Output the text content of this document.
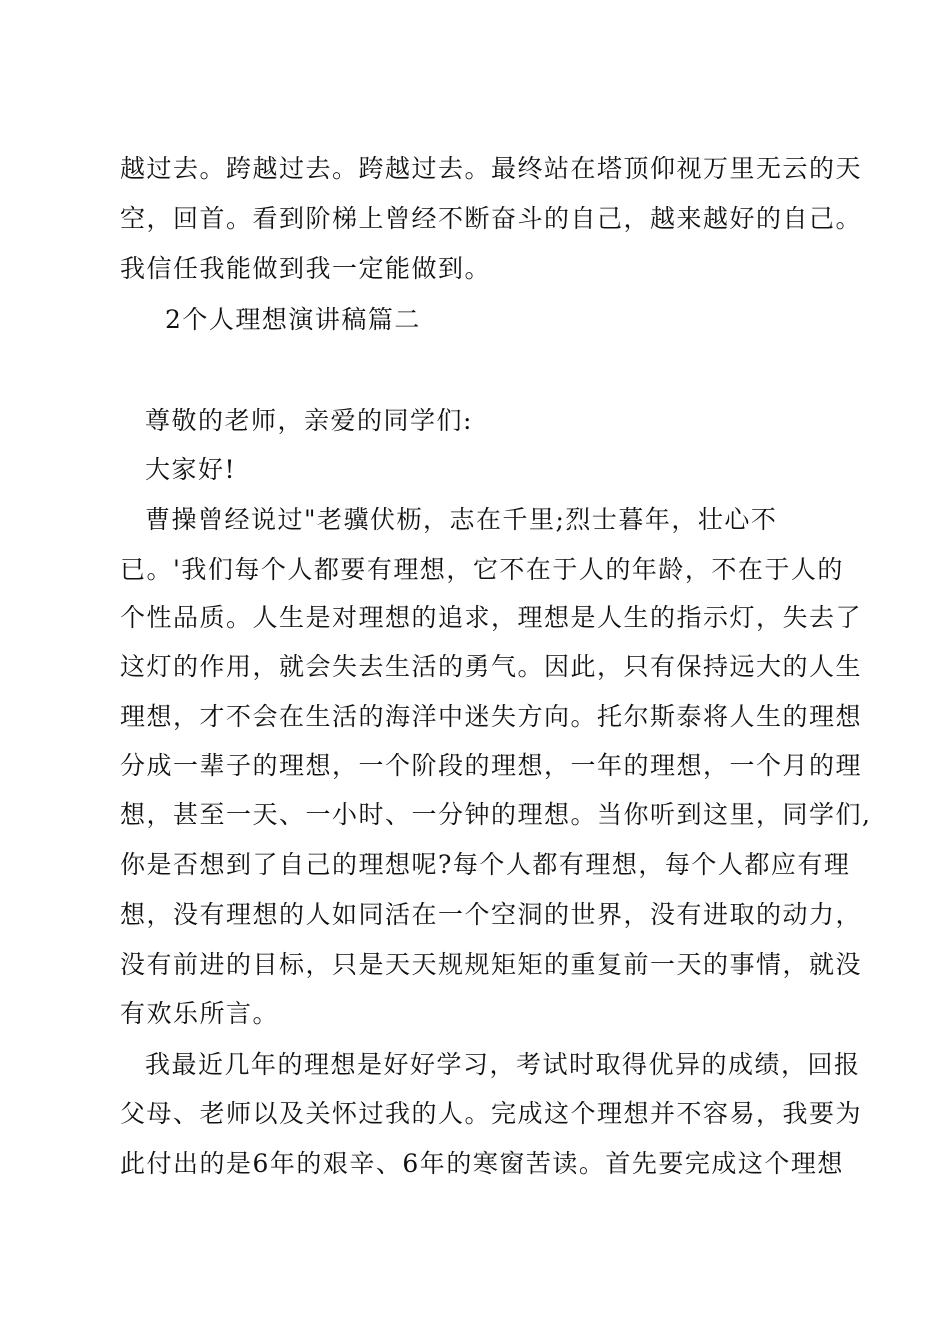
越过去。跨越过去。跨越过去。最终站在塔顶仰视万里无云的天
空，回首。看到阶梯上曾经不断奋斗的自己，越来越好的自己。
我信任我能做到我一定能做到。
2个人理想演讲稿篇二
尊敬的老师，亲爱的同学们:
大家好!
曹操曾经说过"老骥伏枥，志在千里;烈士暮年，壮心不
已。'我们每个人都要有理想，它不在于人的年龄，不在于人的
个性品质。人生是对理想的追求，理想是人生的指示灯，失去了
这灯的作用，就会失去生活的勇气。因此，只有保持远大的人生
理想，才不会在生活的海洋中迷失方向。托尔斯泰将人生的理想
分成一辈子的理想，一个阶段的理想，一年的理想，一个月的理
想，甚至一天、一小时、一分钟的理想。当你听到这里，同学们,
你是否想到了自己的理想呢?每个人都有理想，每个人都应有理
想，没有理想的人如同活在一个空洞的世界，没有进取的动力，
没有前进的目标，只是天天规规矩矩的重复前一天的事情，就没
有欢乐所言。
我最近几年的理想是好好学习，考试时取得优异的成绩，回报
父母、老师以及关怀过我的人。完成这个理想并不容易，我要为
此付出的是6年的艰辛、6年的寒窗苦读。首先要完成这个理想
